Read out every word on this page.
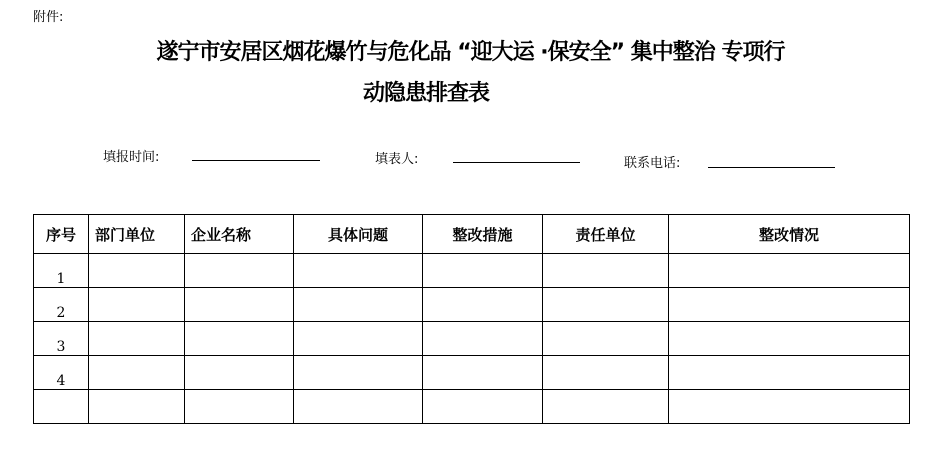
附件:
遂宁市安居区烟花爆竹与危化品 “迎大运 ·保安全” 集中整治 专项行
动隐患排查表
填报时间:	填表人:	联系电话:
序号	部门单位	企业名称	具体问题	整改措施	责任单位	整改情况
1						
2						
3						
4						
